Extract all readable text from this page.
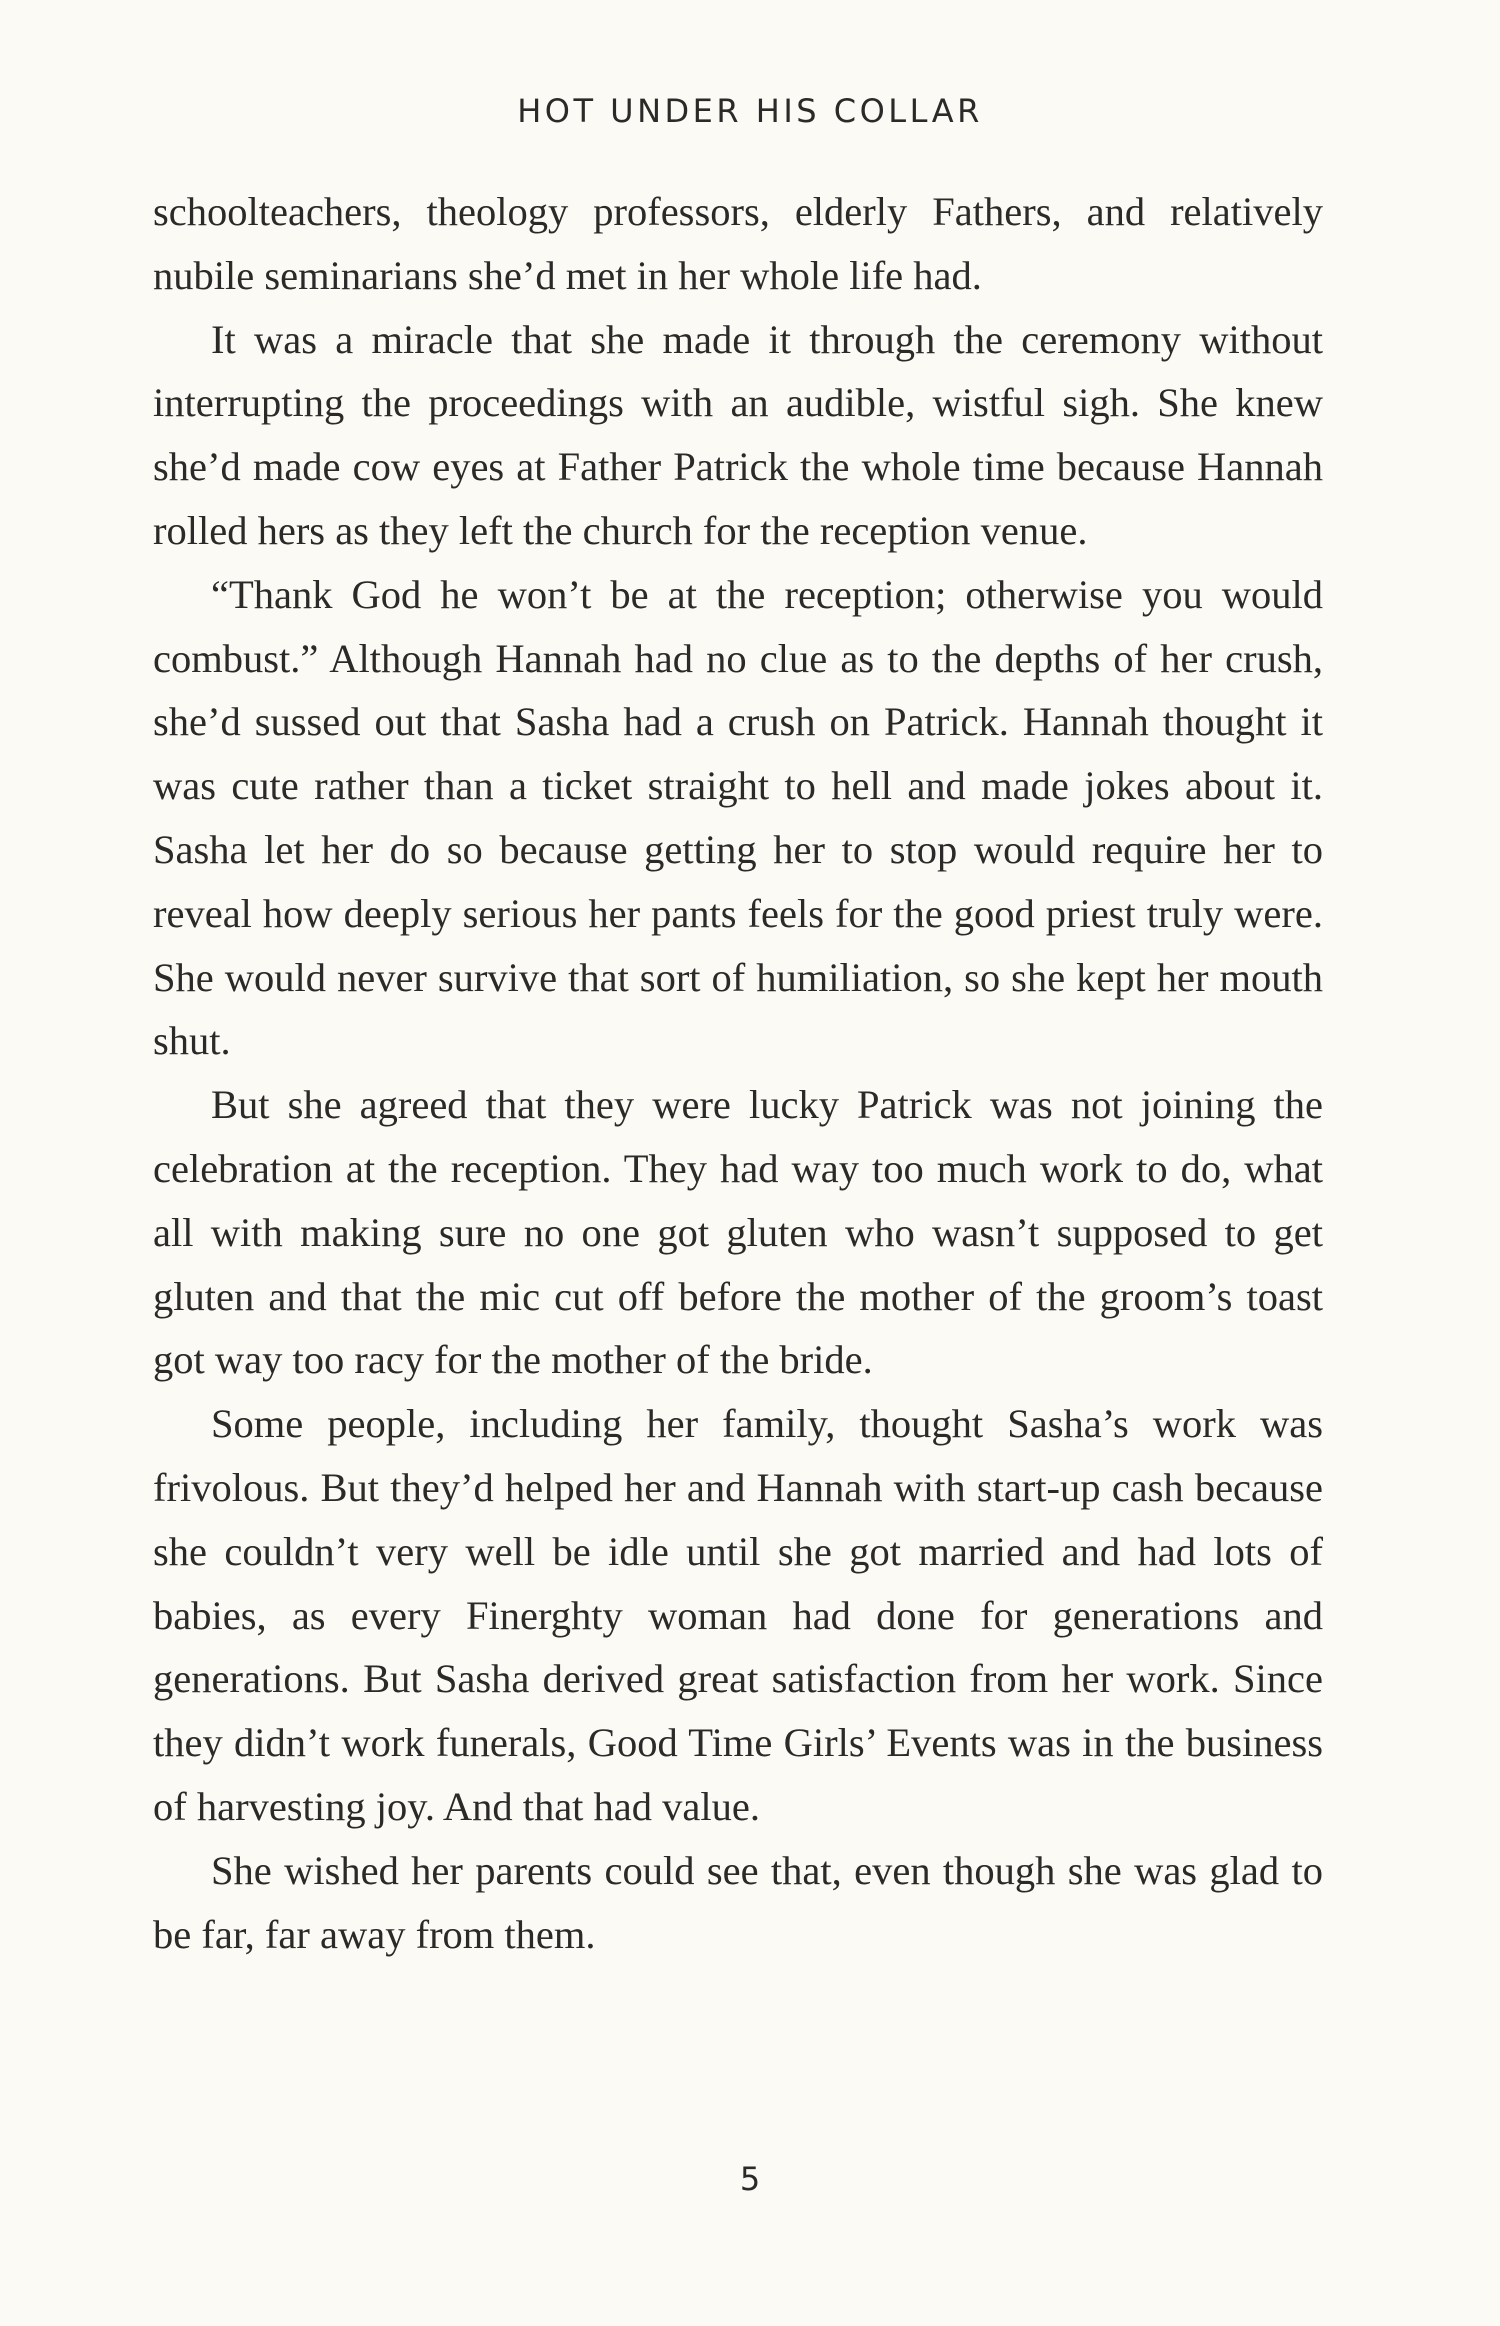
HOT UNDER HIS COLLAR

schoolteachers, theology professors, elderly Fathers, and relatively nubile seminarians she’d met in her whole life had.

It was a miracle that she made it through the ceremony without interrupting the proceedings with an audible, wistful sigh. She knew she’d made cow eyes at Father Patrick the whole time because Hannah rolled hers as they left the church for the reception venue.

“Thank God he won’t be at the reception; otherwise you would combust.” Although Hannah had no clue as to the depths of her crush, she’d sussed out that Sasha had a crush on Patrick. Hannah thought it was cute rather than a ticket straight to hell and made jokes about it. Sasha let her do so because getting her to stop would require her to reveal how deeply serious her pants feels for the good priest truly were. She would never survive that sort of humiliation, so she kept her mouth shut.

But she agreed that they were lucky Patrick was not joining the celebration at the reception. They had way too much work to do, what all with making sure no one got gluten who wasn’t supposed to get gluten and that the mic cut off before the mother of the groom’s toast got way too racy for the mother of the bride.

Some people, including her family, thought Sasha’s work was frivolous. But they’d helped her and Hannah with start-up cash because she couldn’t very well be idle until she got married and had lots of babies, as every Finerghty woman had done for generations and generations. But Sasha derived great satisfaction from her work. Since they didn’t work funerals, Good Time Girls’ Events was in the business of harvesting joy. And that had value.

She wished her parents could see that, even though she was glad to be far, far away from them.

5
